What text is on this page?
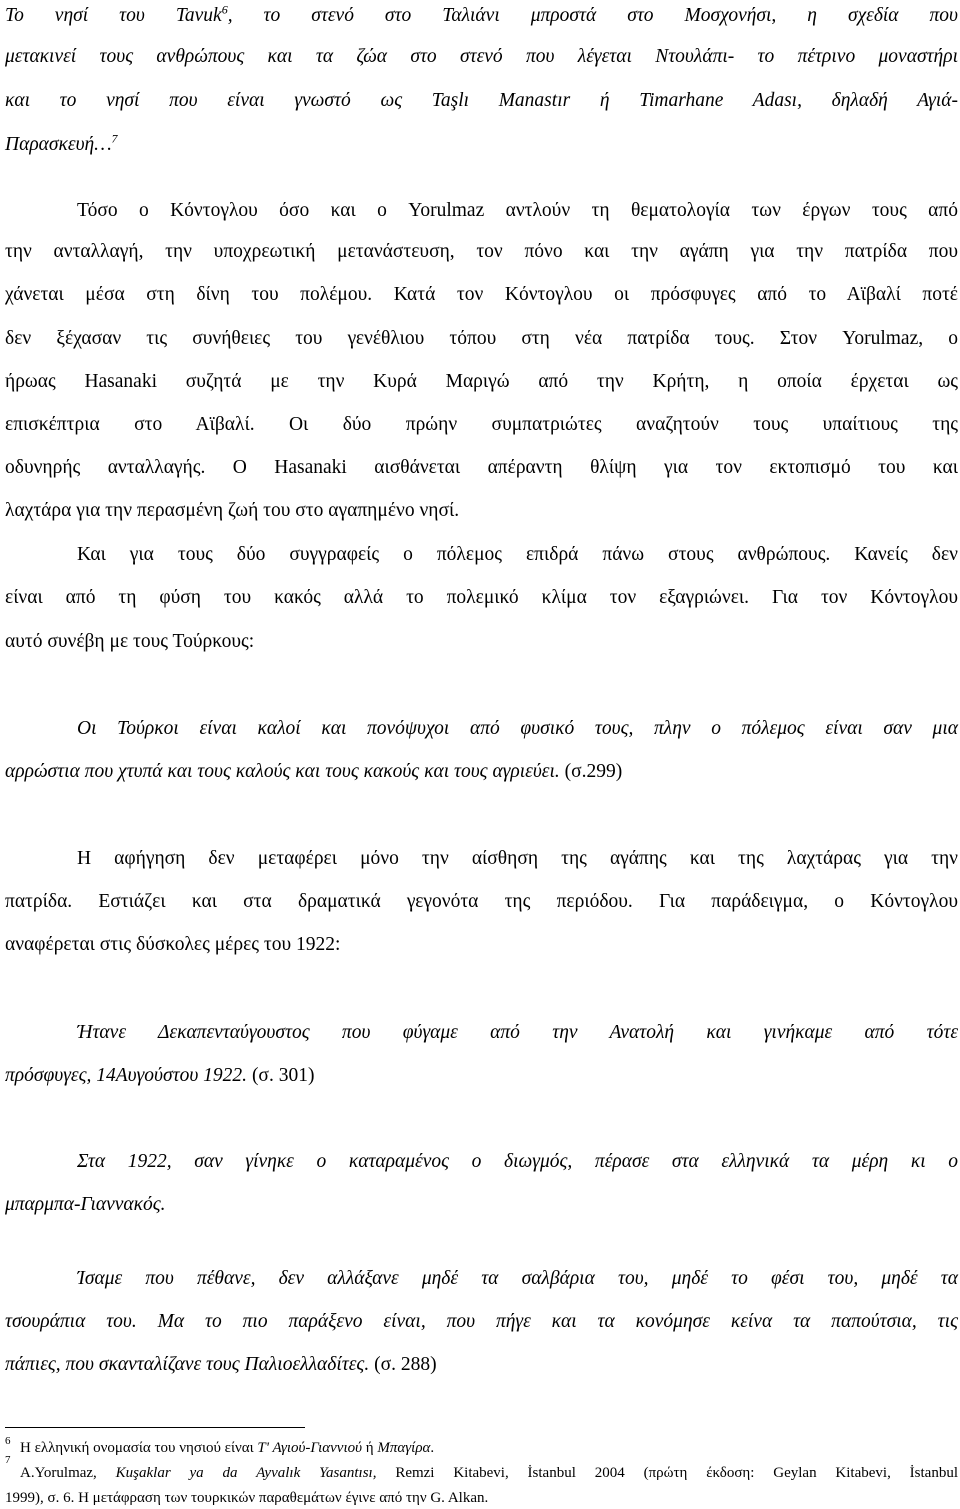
Το νησί του Tavuk$^6$, το στενό στο Ταλιάνι μπροστά στο Μοσχονήσι, η σχεδία που
μετακινεί τους ανθρώπους και τα ζώα στο στενό που λέγεται Ντουλάπι- το πέτρινο μοναστήρι
και το νησί που είναι γνωστό ως Taşlı Manastır ή Timarhane Adası, δηλαδή Αγιά-
Παρασκευή…$^7$
Τόσο ο Κόντογλου όσο και ο Yorulmaz αντλούν τη θεματολογία των έργων τους από
την ανταλλαγή, την υποχρεωτική μετανάστευση, τον πόνο και την αγάπη για την πατρίδα που
χάνεται μέσα στη δίνη του πολέμου. Κατά τον Κόντογλου οι πρόσφυγες από το Αϊβαλί ποτέ
δεν ξέχασαν τις συνήθειες του γενέθλιου τόπου στη νέα πατρίδα τους. Στον Yorulmaz, ο
ήρωας Hasanaki συζητά με την Κυρά Μαριγώ από την Κρήτη, η οποία έρχεται ως
επισκέπτρια στο Αϊβαλί. Οι δύο πρώην συμπατριώτες αναζητούν τους υπαίτιους της
οδυνηρής ανταλλαγής. Ο Hasanaki αισθάνεται απέραντη θλίψη για τον εκτοπισμό του και
λαχτάρα για την περασμένη ζωή του στο αγαπημένο νησί.
Και για τους δύο συγγραφείς ο πόλεμος επιδρά πάνω στους ανθρώπους. Κανείς δεν
είναι από τη φύση του κακός αλλά το πολεμικό κλίμα τον εξαγριώνει. Για τον Κόντογλου
αυτό συνέβη με τους Τούρκους:
Οι Τούρκοι είναι καλοί και πονόψυχοι από φυσικό τους, πλην ο πόλεμος είναι σαν μια
αρρώστια που χτυπά και τους καλούς και τους κακούς και τους αγριεύει. (σ.299)
Η αφήγηση δεν μεταφέρει μόνο την αίσθηση της αγάπης και της λαχτάρας για την
πατρίδα. Εστιάζει και στα δραματικά γεγονότα της περιόδου. Για παράδειγμα, ο Κόντογλου
αναφέρεται στις δύσκολες μέρες του 1922:
Ήτανε Δεκαπενταύγουστος που φύγαμε από την Ανατολή και γινήκαμε από τότε
πρόσφυγες, 14Αυγούστου 1922. (σ. 301)
Στα 1922, σαν γίνηκε ο καταραμένος ο διωγμός, πέρασε στα ελληνικά τα μέρη κι ο
μπαρμπα-Γιαννακός.
Ίσαμε που πέθανε, δεν αλλάξανε μηδέ τα σαλβάρια του, μηδέ το φέσι του, μηδέ τα
τσουράπια του. Μα το πιο παράξενο είναι, που πήγε και τα κονόμησε κείνα τα παπούτσια, τις
πάπιες, που σκανταλίζανε τους Παλιοελλαδίτες. (σ. 288)
6 Η ελληνική ονομασία του νησιού είναι Τ' Αγιού-Γιαννιού ή Μπαγίρα.
7
A.Yorulmaz, Kuşaklar ya da Ayvalık Yasantısı, Remzi Kitabevi, İstanbul 2004 (πρώτη έκδοση: Geylan Kitabevi, İstanbul
1999), σ. 6. Η μετάφραση των τουρκικών παραθεμάτων έγινε από την G. Alkan.
